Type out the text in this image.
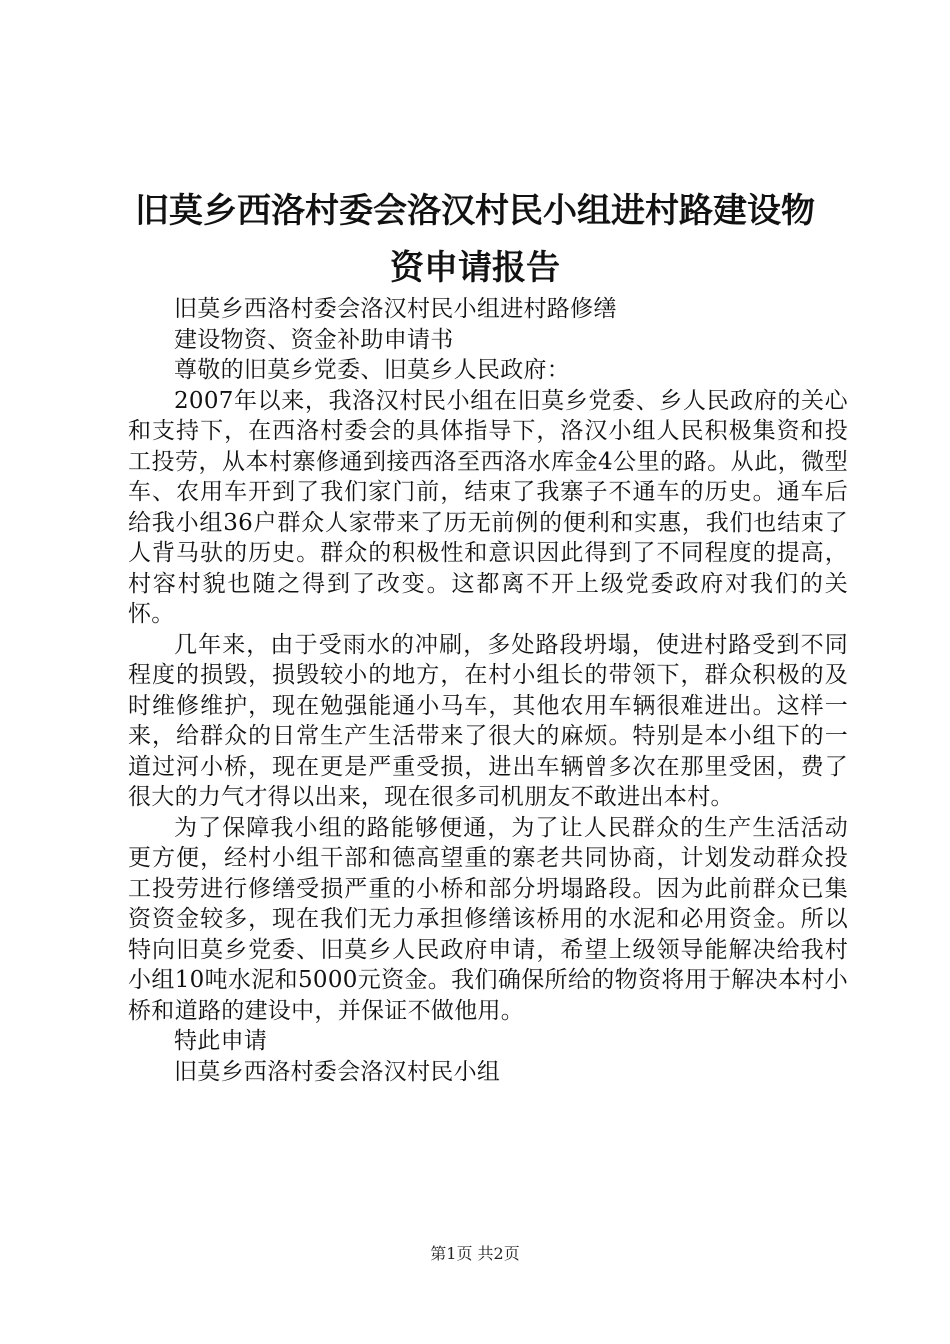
旧莫乡西洛村委会洛汉村民小组进村路建设物
资申请报告

旧莫乡西洛村委会洛汉村民小组进村路修缮

建设物资、资金补助申请书

尊敬的旧莫乡党委、旧莫乡人民政府：

2007年以来，我洛汉村民小组在旧莫乡党委、乡人民政府的关心和支持下，在西洛村委会的具体指导下，洛汉小组人民积极集资和投工投劳，从本村寨修通到接西洛至西洛水库金4公里的路。从此，微型车、农用车开到了我们家门前，结束了我寨子不通车的历史。通车后给我小组36户群众人家带来了历无前例的便利和实惠，我们也结束了人背马驮的历史。群众的积极性和意识因此得到了不同程度的提高，村容村貌也随之得到了改变。这都离不开上级党委政府对我们的关怀。

几年来，由于受雨水的冲刷，多处路段坍塌，使进村路受到不同程度的损毁，损毁较小的地方，在村小组长的带领下，群众积极的及时维修维护，现在勉强能通小马车，其他农用车辆很难进出。这样一来，给群众的日常生产生活带来了很大的麻烦。特别是本小组下的一道过河小桥，现在更是严重受损，进出车辆曾多次在那里受困，费了很大的力气才得以出来，现在很多司机朋友不敢进出本村。

为了保障我小组的路能够便通，为了让人民群众的生产生活活动更方便，经村小组干部和德高望重的寨老共同协商，计划发动群众投工投劳进行修缮受损严重的小桥和部分坍塌路段。因为此前群众已集资资金较多，现在我们无力承担修缮该桥用的水泥和必用资金。所以特向旧莫乡党委、旧莫乡人民政府申请，希望上级领导能解决给我村小组10吨水泥和5000元资金。我们确保所给的物资将用于解决本村小桥和道路的建设中，并保证不做他用。

特此申请

旧莫乡西洛村委会洛汉村民小组

第1页 共2页
